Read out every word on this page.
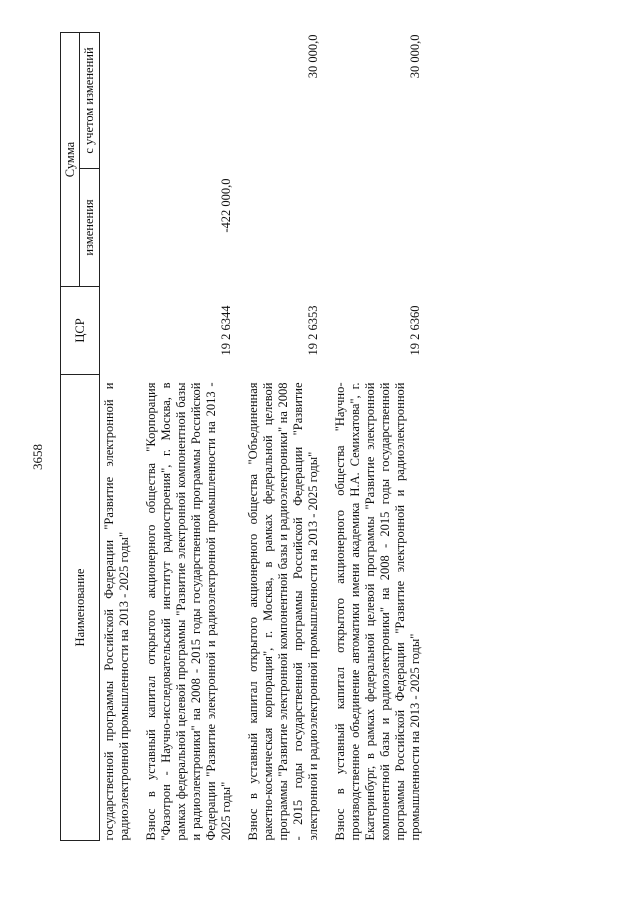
3658
Наименование	ЦСР	Сумма	
		изменения	с учетом изменений
государственной программы Российской Федерации "Развитие электронной и радиоэлектронной промышленности на 2013 - 2025 годы"			
Взнос в уставный капитал открытого акционерного общества "Корпорация "Фазотрон - Научно-исследовательский институт радиостроения", г. Москва, в рамках федеральной целевой программы "Развитие электронной компонентной базы и радиоэлектроники" на 2008 - 2015 годы государственной программы Российской Федерации "Развитие электронной и радиоэлектронной промышленности на 2013 - 2025 годы"	19 2 6344	-422 000,0	
Взнос в уставный капитал открытого акционерного общества "Объединенная ракетно-космическая корпорация", г. Москва, в рамках федеральной целевой программы "Развитие электронной компонентной базы и радиоэлектроники" на 2008 - 2015 годы государственной программы Российской Федерации "Развитие электронной и радиоэлектронной промышленности на 2013 - 2025 годы"	19 2 6353		30 000,0
Взнос в уставный капитал открытого акционерного общества "Научно-производственное объединение автоматики имени академика Н.А. Семихатова", г. Екатеринбург, в рамках федеральной целевой программы "Развитие электронной компонентной базы и радиоэлектроники" на 2008 - 2015 годы государственной программы Российской Федерации "Развитие электронной и радиоэлектронной промышленности на 2013 - 2025 годы"	19 2 6360		30 000,0
